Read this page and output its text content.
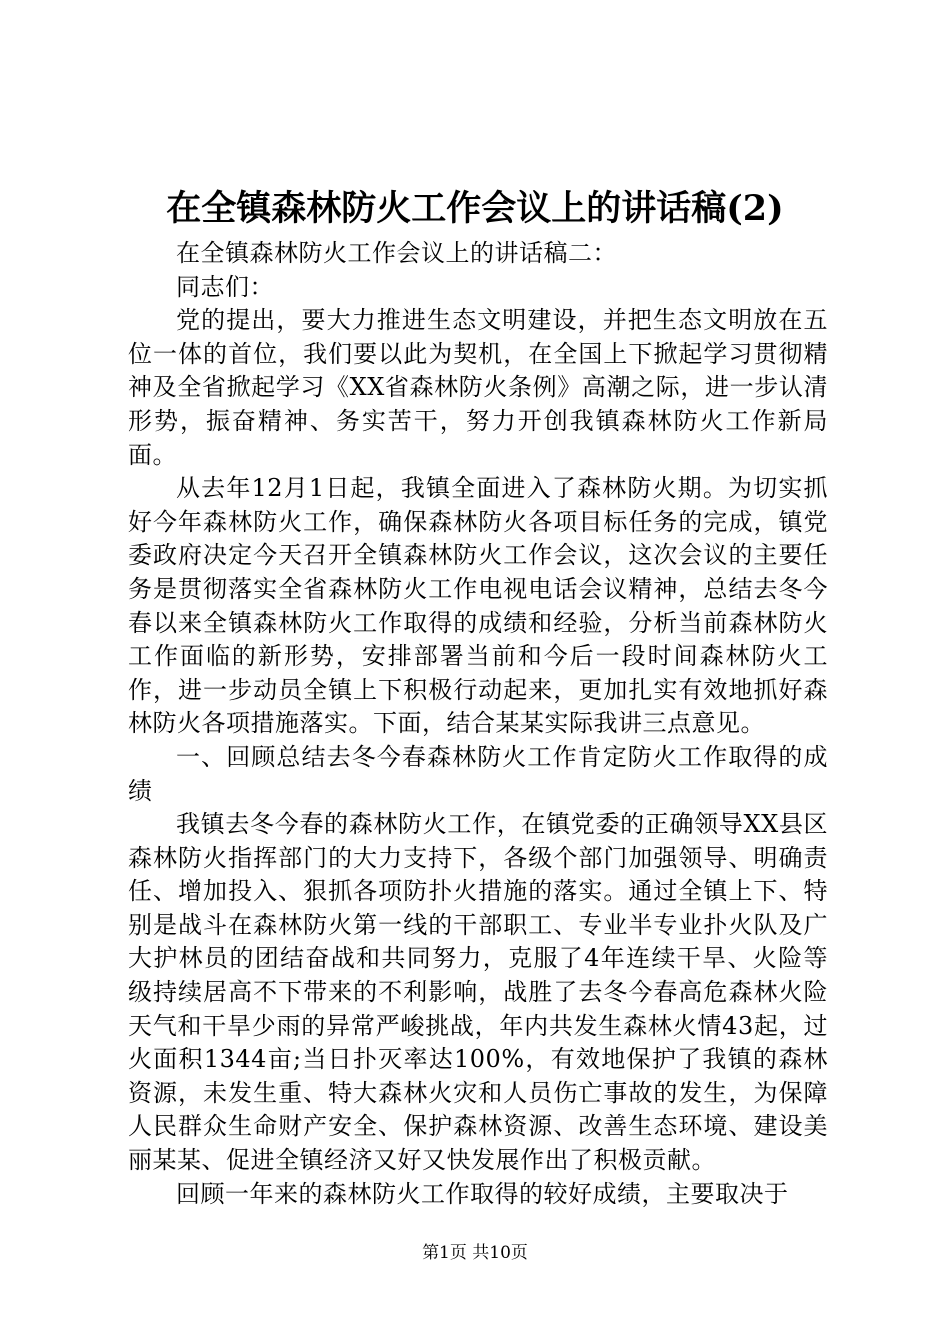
在全镇森林防火工作会议上的讲话稿(2)

在全镇森林防火工作会议上的讲话稿二：

同志们：

党的提出，要大力推进生态文明建设，并把生态文明放在五位一体的首位，我们要以此为契机，在全国上下掀起学习贯彻精神及全省掀起学习《XX省森林防火条例》高潮之际，进一步认清形势，振奋精神、务实苦干，努力开创我镇森林防火工作新局面。

从去年12月1日起，我镇全面进入了森林防火期。为切实抓好今年森林防火工作，确保森林防火各项目标任务的完成，镇党委政府决定今天召开全镇森林防火工作会议，这次会议的主要任务是贯彻落实全省森林防火工作电视电话会议精神，总结去冬今春以来全镇森林防火工作取得的成绩和经验，分析当前森林防火工作面临的新形势，安排部署当前和今后一段时间森林防火工作，进一步动员全镇上下积极行动起来，更加扎实有效地抓好森林防火各项措施落实。下面，结合某某实际我讲三点意见。

一、回顾总结去冬今春森林防火工作肯定防火工作取得的成绩

我镇去冬今春的森林防火工作，在镇党委的正确领导XX县区森林防火指挥部门的大力支持下，各级个部门加强领导、明确责任、增加投入、狠抓各项防扑火措施的落实。通过全镇上下、特别是战斗在森林防火第一线的干部职工、专业半专业扑火队及广大护林员的团结奋战和共同努力，克服了4年连续干旱、火险等级持续居高不下带来的不利影响，战胜了去冬今春高危森林火险天气和干旱少雨的异常严峻挑战，年内共发生森林火情43起，过火面积1344亩;当日扑灭率达100%，有效地保护了我镇的森林资源，未发生重、特大森林火灾和人员伤亡事故的发生，为保障人民群众生命财产安全、保护森林资源、改善生态环境、建设美丽某某、促进全镇经济又好又快发展作出了积极贡献。

回顾一年来的森林防火工作取得的较好成绩，主要取决于

第1页 共10页
